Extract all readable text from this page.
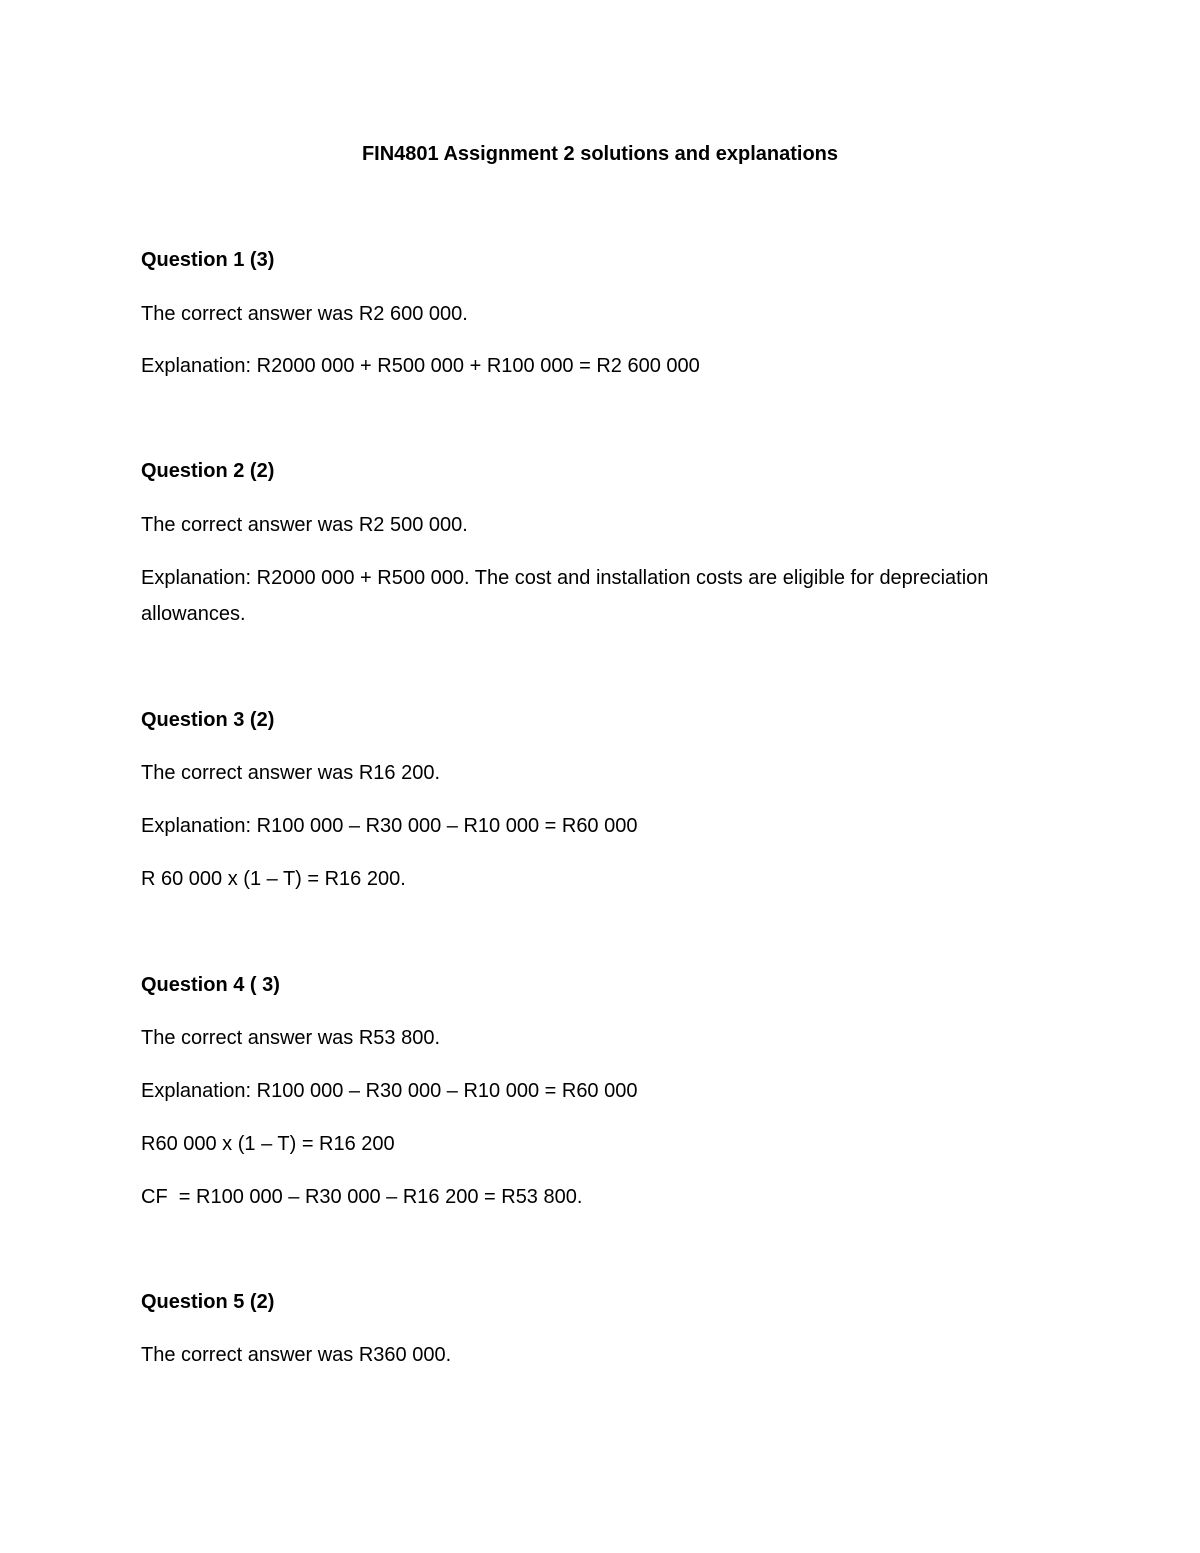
FIN4801 Assignment 2 solutions and explanations

Question 1 (3)

The correct answer was R2 600 000.

Explanation: R2000 000 + R500 000 + R100 000 = R2 600 000

Question 2 (2)

The correct answer was R2 500 000.

Explanation: R2000 000 + R500 000. The cost and installation costs are eligible for depreciation allowances.

Question 3 (2)

The correct answer was R16 200.

Explanation: R100 000 – R30 000 – R10 000 = R60 000

R 60 000 x (1 – T) = R16 200.

Question 4 ( 3)

The correct answer was R53 800.

Explanation: R100 000 – R30 000 – R10 000 = R60 000

R60 000 x (1 – T) = R16 200

CF  = R100 000 – R30 000 – R16 200 = R53 800.

Question 5 (2)

The correct answer was R360 000.
